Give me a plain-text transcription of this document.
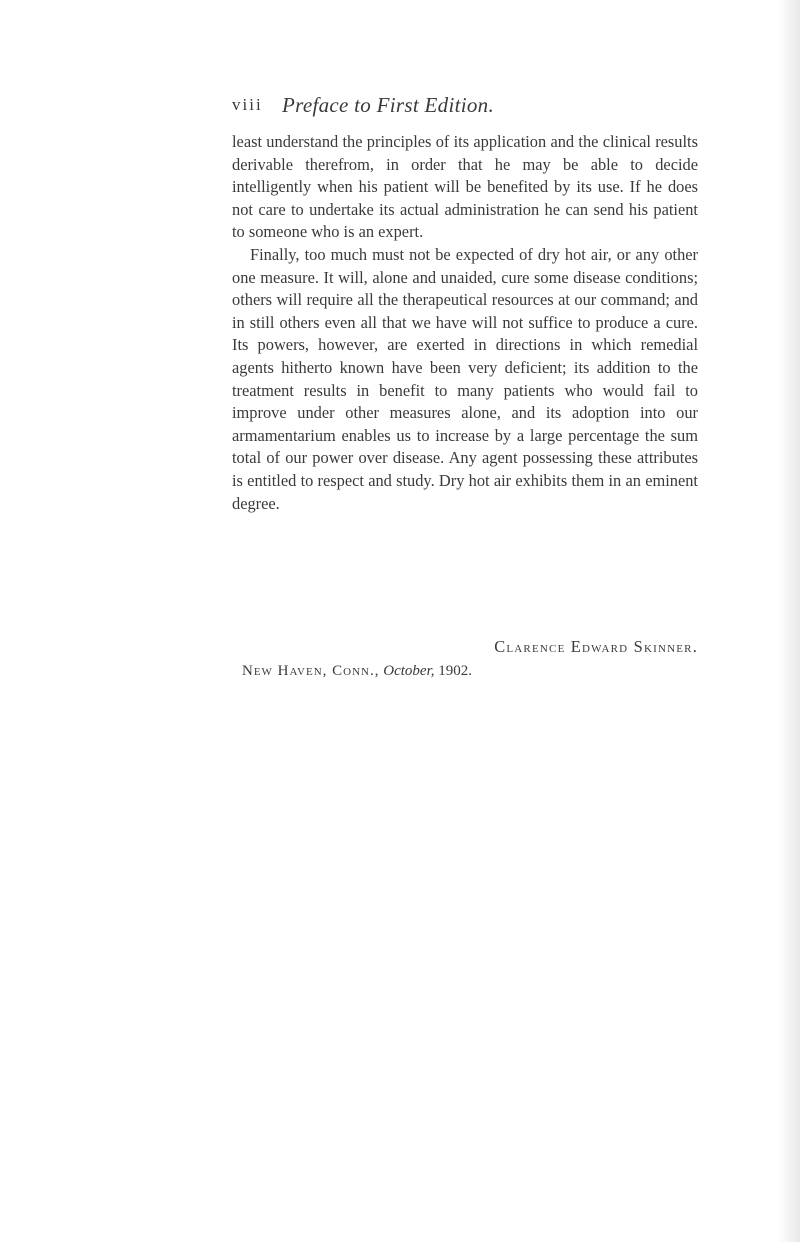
viii Preface to First Edition.

least understand the principles of its application and the clinical results derivable therefrom, in order that he may be able to decide intelligently when his patient will be benefited by its use. If he does not care to undertake its actual administration he can send his patient to someone who is an expert.

Finally, too much must not be expected of dry hot air, or any other one measure. It will, alone and unaided, cure some disease conditions; others will require all the therapeutical resources at our command; and in still others even all that we have will not suffice to produce a cure. Its powers, however, are exerted in directions in which remedial agents hitherto known have been very deficient; its addition to the treatment results in benefit to many patients who would fail to improve under other measures alone, and its adoption into our armamentarium enables us to increase by a large percentage the sum total of our power over disease. Any agent possessing these attributes is entitled to respect and study. Dry hot air exhibits them in an eminent degree.

Clarence Edward Skinner.
New Haven, Conn., October, 1902.
